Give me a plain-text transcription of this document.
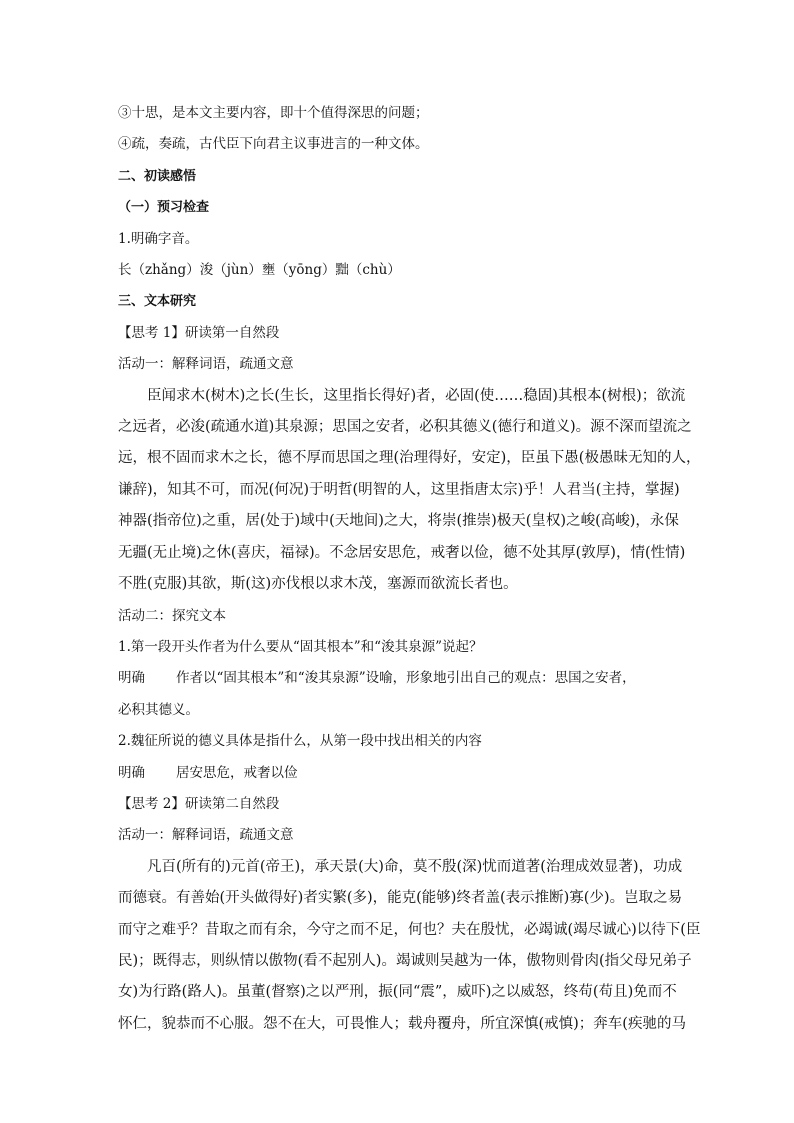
③十思，是本文主要内容，即十个值得深思的问题；
④疏，奏疏，古代臣下向君主议事进言的一种文体。
二、初读感悟
（一）预习检查
1.明确字音。
长（zhǎng）浚（jùn）壅（yōng）黜（chù）
三、文本研究
【思考 1】研读第一自然段
活动一：解释词语，疏通文意
臣闻求木(树木)之长(生长，这里指长得好)者，必固(使……稳固)其根本(树根)；欲流
之远者，必浚(疏通水道)其泉源；思国之安者，必积其德义(德行和道义)。源不深而望流之
远，根不固而求木之长，德不厚而思国之理(治理得好，安定)，臣虽下愚(极愚昧无知的人，
谦辞)，知其不可，而况(何况)于明哲(明智的人，这里指唐太宗)乎！人君当(主持，掌握)
神器(指帝位)之重，居(处于)域中(天地间)之大，将崇(推崇)极天(皇权)之峻(高峻)，永保
无疆(无止境)之休(喜庆，福禄)。不念居安思危，戒奢以俭，德不处其厚(敦厚)，情(性情)
不胜(克服)其欲，斯(这)亦伐根以求木茂，塞源而欲流长者也。
活动二：探究文本
1.第一段开头作者为什么要从“固其根本”和“浚其泉源”说起？
明确 作者以“固其根本”和“浚其泉源”设喻，形象地引出自己的观点：思国之安者，
必积其德义。
2.魏征所说的德义具体是指什么，从第一段中找出相关的内容
明确 居安思危，戒奢以俭
【思考 2】研读第二自然段
活动一：解释词语，疏通文意
凡百(所有的)元首(帝王)，承天景(大)命，莫不殷(深)忧而道著(治理成效显著)，功成
而德衰。有善始(开头做得好)者实繁(多)，能克(能够)终者盖(表示推断)寡(少)。岂取之易
而守之难乎？昔取之而有余，今守之而不足，何也？夫在殷忧，必竭诚(竭尽诚心)以待下(臣
民)；既得志，则纵情以傲物(看不起别人)。竭诚则吴越为一体，傲物则骨肉(指父母兄弟子
女)为行路(路人)。虽董(督察)之以严刑，振(同“震”，威吓)之以威怒，终苟(苟且)免而不
怀仁，貌恭而不心服。怨不在大，可畏惟人；载舟覆舟，所宜深慎(戒慎)；奔车(疾驰的马
